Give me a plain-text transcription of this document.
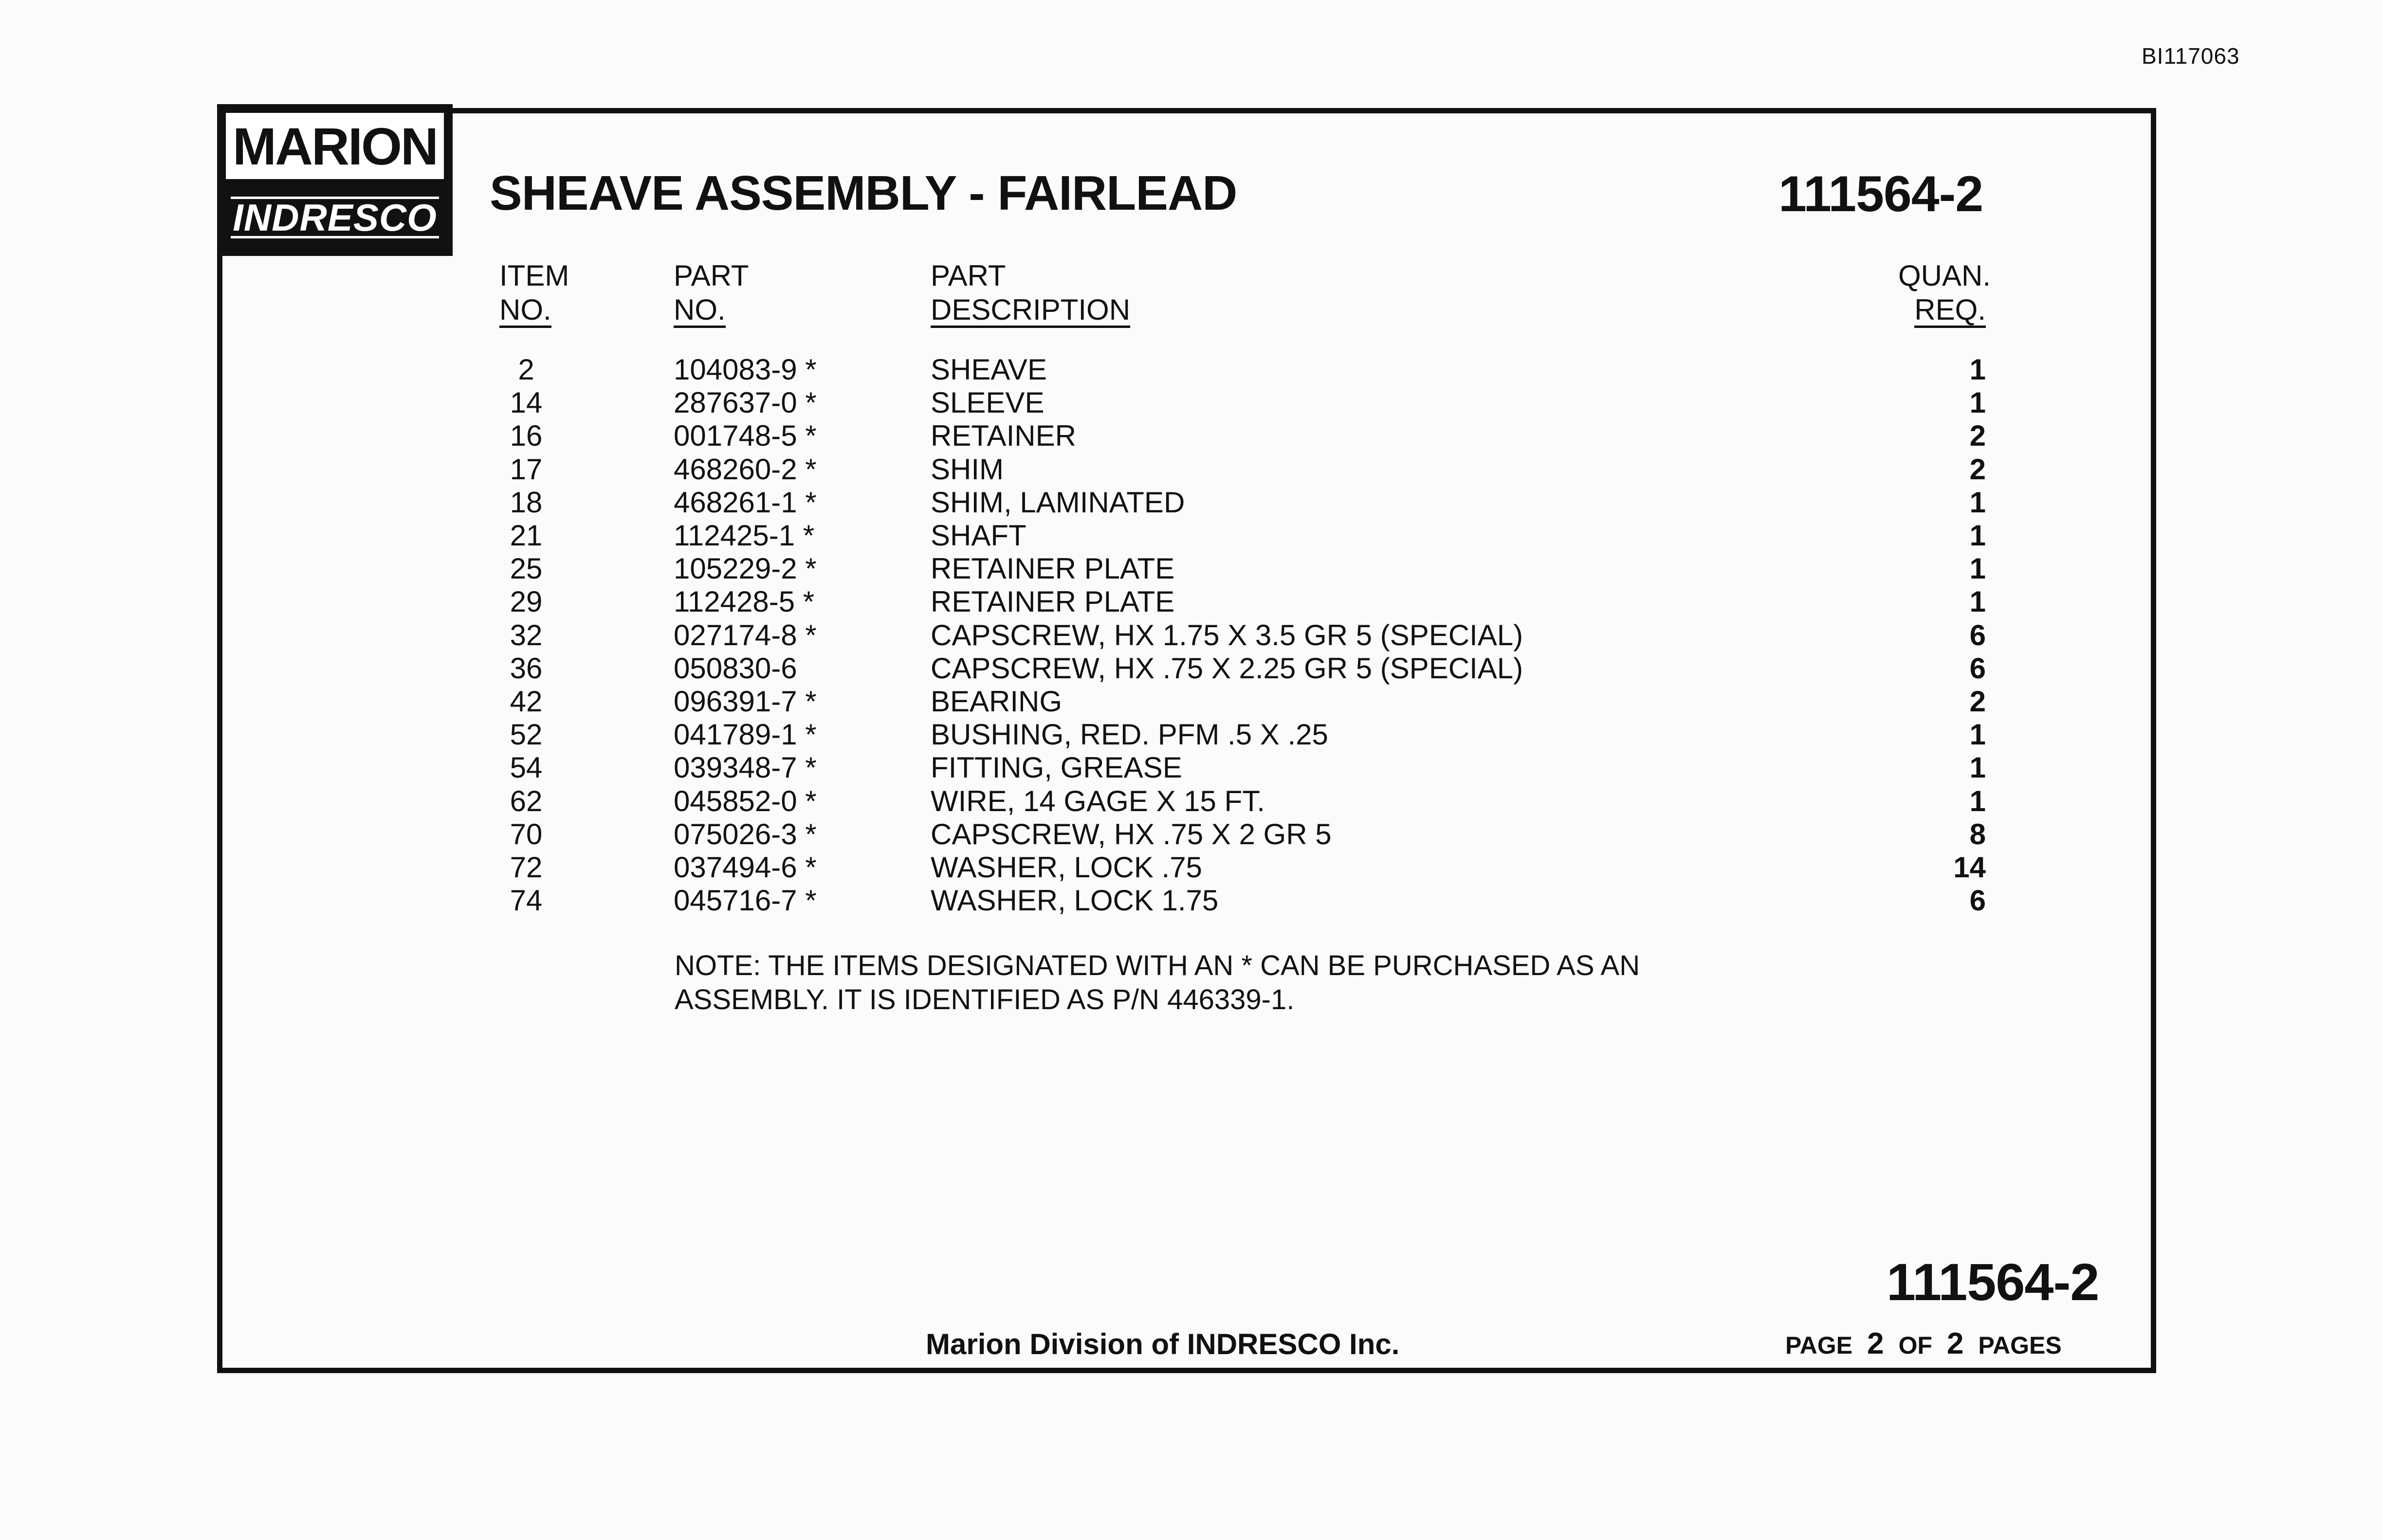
BI117063
MARION
INDRESCO SHEAVE ASSEMBLY - FAIRLEAD	111564-2
ITEM
NO.
PART
NO.
PART
DESCRIPTION
QUAN.
REQ.
2	104083-9 *	SHEAVE	1
14	287637-0 *	SLEEVE	1
16	001748-5 *	RETAINER	2
17	468260-2 *	SHIM	2
18	468261-1 *	SHIM, LAMINATED	1
21	112425-1 *	SHAFT	1
25	105229-2 *	RETAINER PLATE	1
29	112428-5 *	RETAINER PLATE	1
32	027174-8 *	CAPSCREW, HX 1.75 X 3.5 GR 5 (SPECIAL)	6
36	050830-6	CAPSCREW, HX .75 X 2.25 GR 5 (SPECIAL)	6
42	096391-7 *	BEARING	2
52	041789-1 *	BUSHING, RED. PFM .5 X .25	1
54	039348-7 *	FITTING, GREASE	1
62	045852-0 *	WIRE, 14 GAGE X 15 FT.	1
70	075026-3 *	CAPSCREW, HX .75 X 2 GR 5	8
72	037494-6 *	WASHER, LOCK .75	14
74	045716-7 *	WASHER, LOCK 1.75	6
NOTE: THE ITEMS DESIGNATED WITH AN * CAN BE PURCHASED AS AN
ASSEMBLY. IT IS IDENTIFIED AS P/N 446339-1.
111564-2
Marion Division of INDRESCO Inc.	PAGE 2 OF 2 PAGES
